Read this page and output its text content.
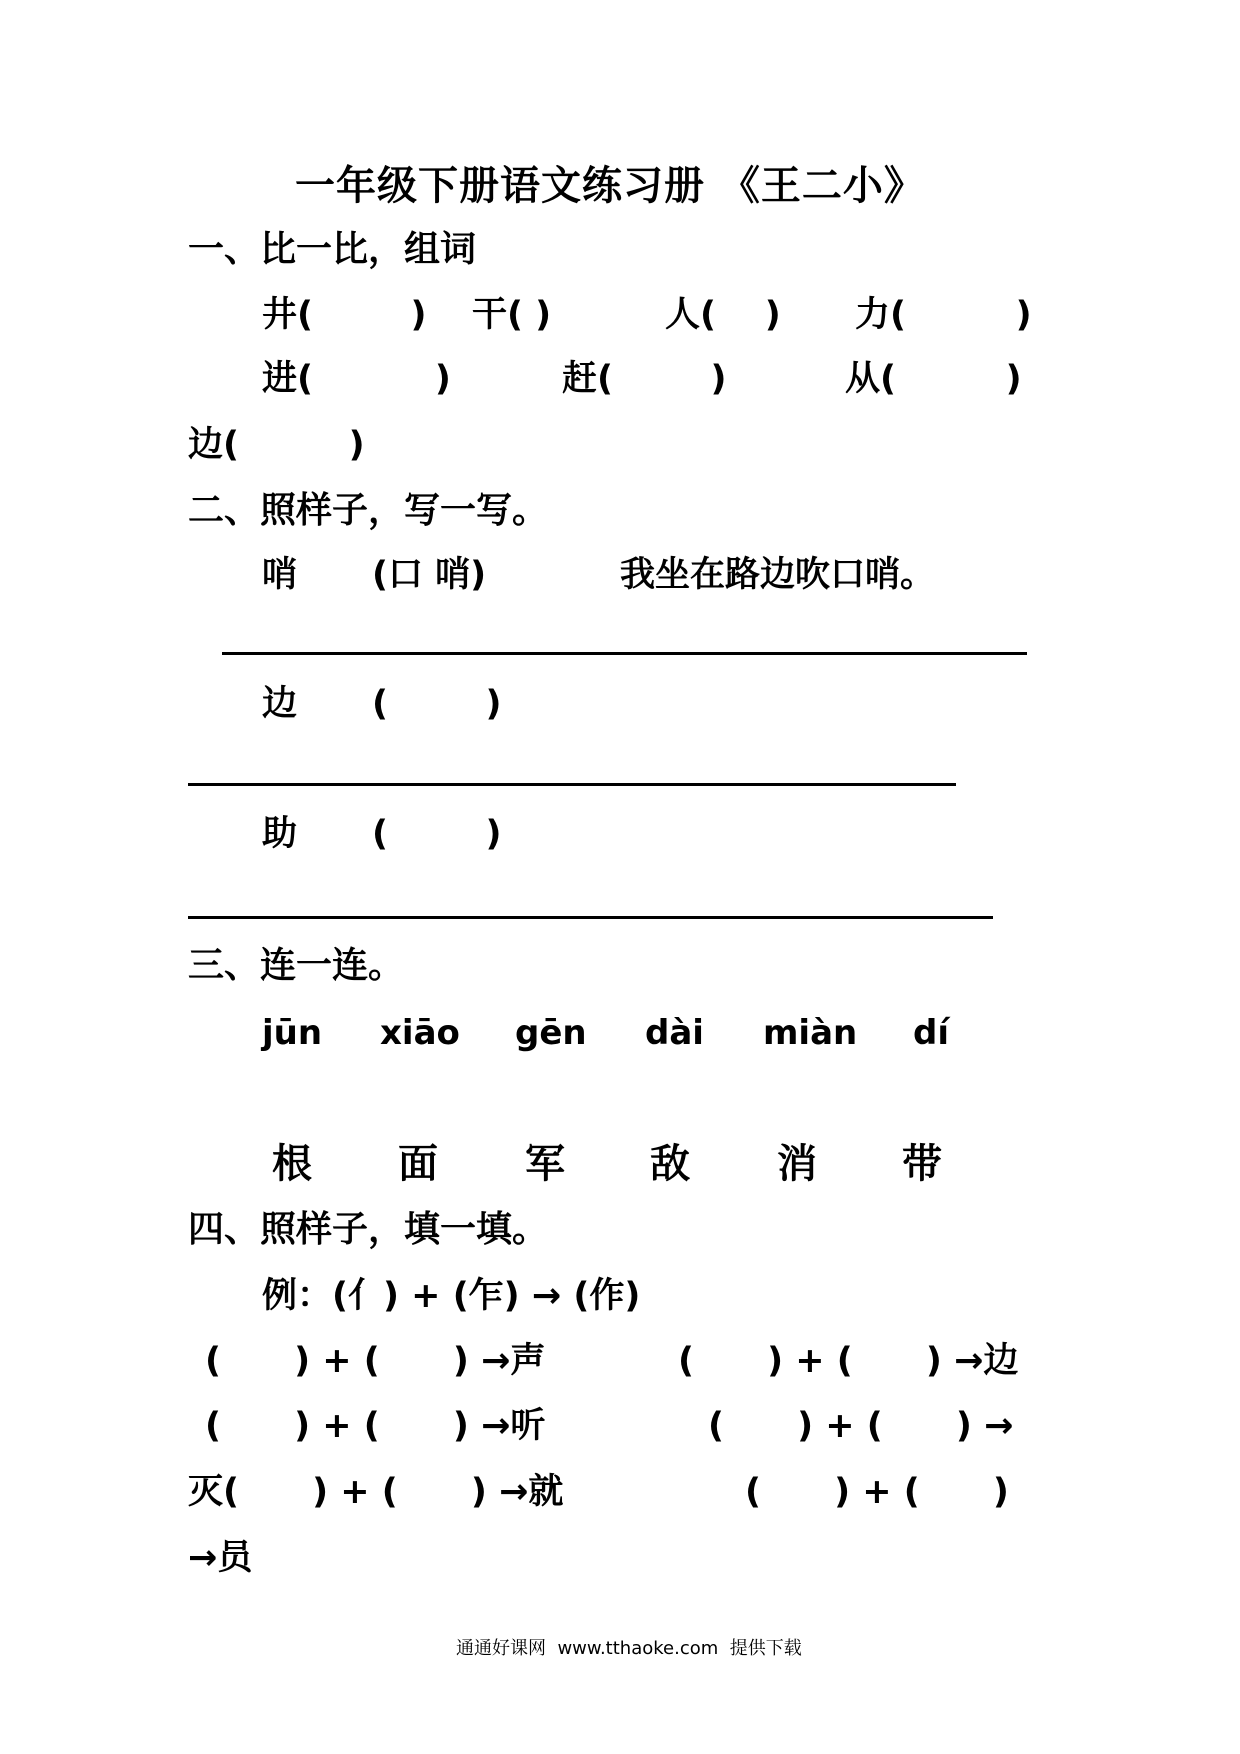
一年级下册语文练习册 《王二小》
一、比一比，组词
井(        ) 干( )	人(    ) 力(         )
进(          )	赶(        )	从(         )
边(         )
二、照样子，写一写。
哨 (口 哨)	我坐在路边吹口哨。
边 (        )
助 (        )
三、连一连。
jūn xiāo gēn dài miàn dí
根 面 军 敌 消 带
四、照样子，填一填。
例：(亻) + (乍) → (作)
(      ) + (      ) →声	(      ) + (      ) →边
(      ) + (      ) →听	(      ) + (      ) →
灭(      ) + (      ) →就	(      ) + (      )
→员
通通好课网  www.tthaoke.com  提供下载
